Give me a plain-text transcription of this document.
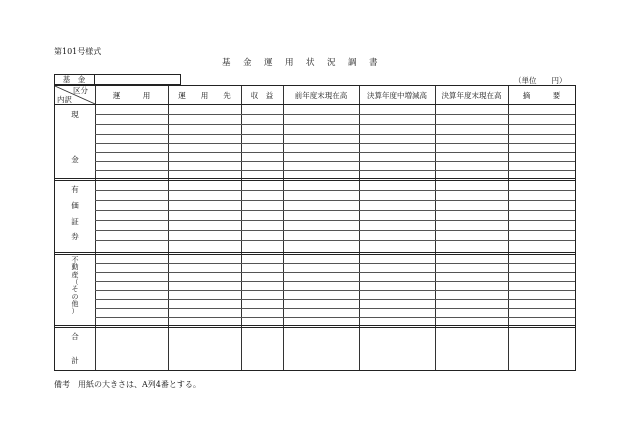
第101号様式
基　金　運　用　状　況　調　書
（単位　　円）
基　金
区分
内訳	運　　　用	運　　用　　先	収　益	前年度末現在高	決算年度中増減高	決算年度末現在高	摘　　　要
現

金
有

価

証

券
不
動
産
（
そ
の
他
）
合

計
備考　用紙の大きさは、A列4番とする。
